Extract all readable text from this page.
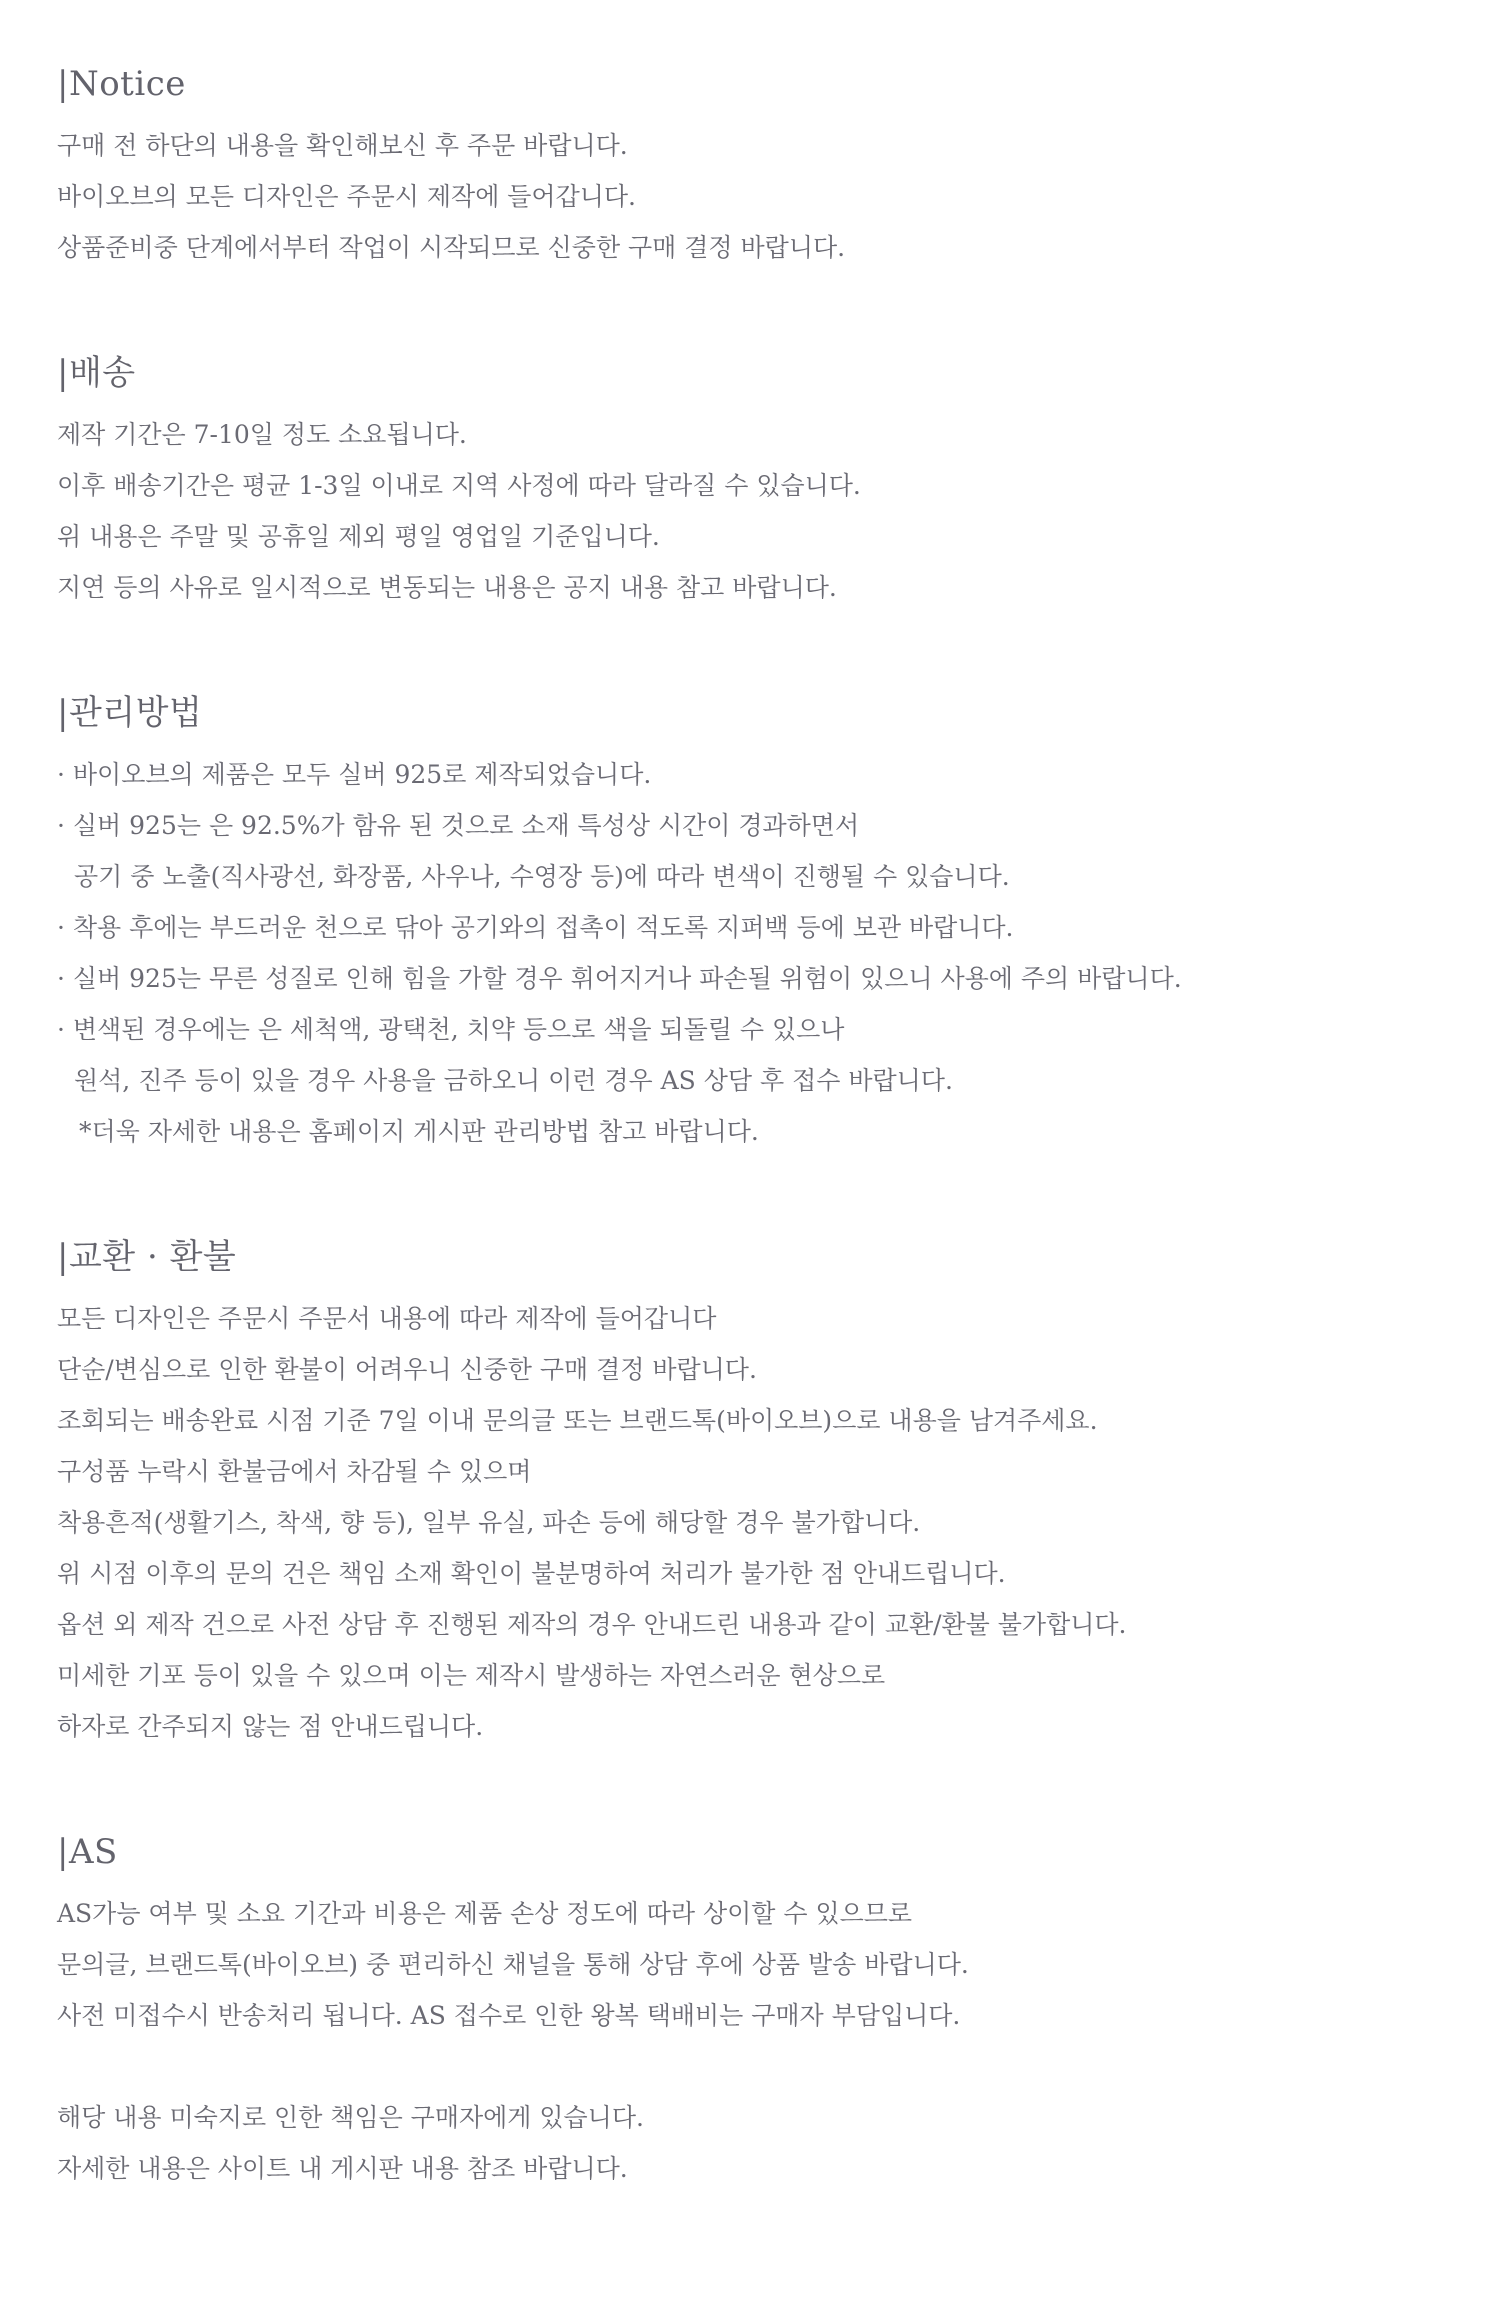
|Notice
구매 전 하단의 내용을 확인해보신 후 주문 바랍니다.
바이오브의 모든 디자인은 주문시 제작에 들어갑니다.
상품준비중 단계에서부터 작업이 시작되므로 신중한 구매 결정 바랍니다.
|배송
제작 기간은 7-10일 정도 소요됩니다.
이후 배송기간은 평균 1-3일 이내로 지역 사정에 따라 달라질 수 있습니다.
위 내용은 주말 및 공휴일 제외 평일 영업일 기준입니다.
지연 등의 사유로 일시적으로 변동되는 내용은 공지 내용 참고 바랍니다.
|관리방법
· 바이오브의 제품은 모두 실버 925로 제작되었습니다.
· 실버 925는 은 92.5%가 함유 된 것으로 소재 특성상 시간이 경과하면서
공기 중 노출(직사광선, 화장품, 사우나, 수영장 등)에 따라 변색이 진행될 수 있습니다.
· 착용 후에는 부드러운 천으로 닦아 공기와의 접촉이 적도록 지퍼백 등에 보관 바랍니다.
· 실버 925는 무른 성질로 인해 힘을 가할 경우 휘어지거나 파손될 위험이 있으니 사용에 주의 바랍니다.
· 변색된 경우에는 은 세척액, 광택천, 치약 등으로 색을 되돌릴 수 있으나
원석, 진주 등이 있을 경우 사용을 금하오니 이런 경우 AS 상담 후 접수 바랍니다.
*더욱 자세한 내용은 홈페이지 게시판 관리방법 참고 바랍니다.
|교환 · 환불
모든 디자인은 주문시 주문서 내용에 따라 제작에 들어갑니다
단순/변심으로 인한 환불이 어려우니 신중한 구매 결정 바랍니다.
조회되는 배송완료 시점 기준 7일 이내 문의글 또는 브랜드톡(바이오브)으로 내용을 남겨주세요.
구성품 누락시 환불금에서 차감될 수 있으며
착용흔적(생활기스, 착색, 향 등), 일부 유실, 파손 등에 해당할 경우 불가합니다.
위 시점 이후의 문의 건은 책임 소재 확인이 불분명하여 처리가 불가한 점 안내드립니다.
옵션 외 제작 건으로 사전 상담 후 진행된 제작의 경우 안내드린 내용과 같이 교환/환불 불가합니다.
미세한 기포 등이 있을 수 있으며 이는 제작시 발생하는 자연스러운 현상으로
하자로 간주되지 않는 점 안내드립니다.
|AS
AS가능 여부 및 소요 기간과 비용은 제품 손상 정도에 따라 상이할 수 있으므로
문의글, 브랜드톡(바이오브) 중 편리하신 채널을 통해 상담 후에 상품 발송 바랍니다.
사전 미접수시 반송처리 됩니다. AS 접수로 인한 왕복 택배비는 구매자 부담입니다.
해당 내용 미숙지로 인한 책임은 구매자에게 있습니다.
자세한 내용은 사이트 내 게시판 내용 참조 바랍니다.
